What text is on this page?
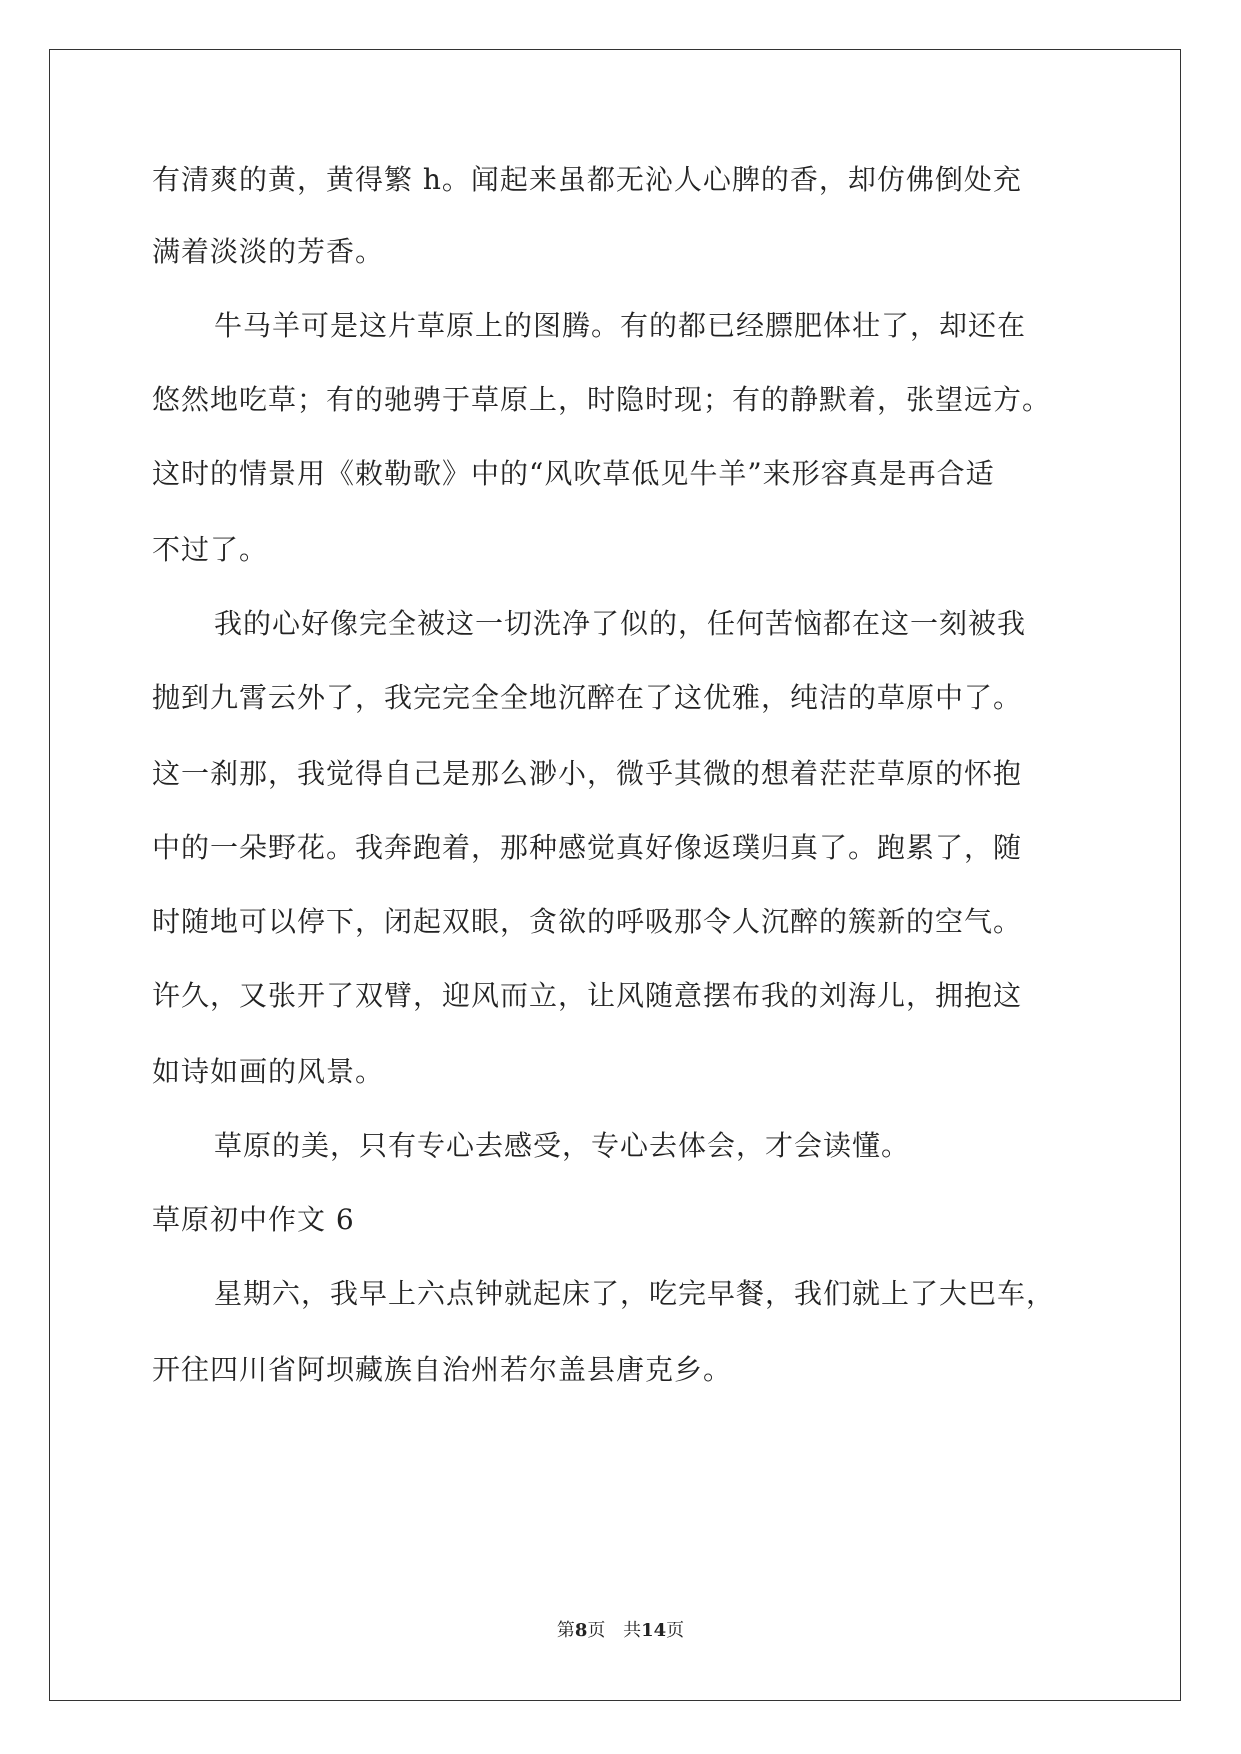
有清爽的黄，黄得繁 h。闻起来虽都无沁人心脾的香，却仿佛倒处充
满着淡淡的芳香。
牛马羊可是这片草原上的图腾。有的都已经膘肥体壮了，却还在
悠然地吃草；有的驰骋于草原上，时隐时现；有的静默着，张望远方。
这时的情景用《敕勒歌》中的“风吹草低见牛羊”来形容真是再合适
不过了。
我的心好像完全被这一切洗净了似的，任何苦恼都在这一刻被我
抛到九霄云外了，我完完全全地沉醉在了这优雅，纯洁的草原中了。
这一刹那，我觉得自己是那么渺小，微乎其微的想着茫茫草原的怀抱
中的一朵野花。我奔跑着，那种感觉真好像返璞归真了。跑累了，随
时随地可以停下，闭起双眼，贪欲的呼吸那令人沉醉的簇新的空气。
许久，又张开了双臂，迎风而立，让风随意摆布我的刘海儿，拥抱这
如诗如画的风景。
草原的美，只有专心去感受，专心去体会，才会读懂。
草原初中作文 6
星期六，我早上六点钟就起床了，吃完早餐，我们就上了大巴车，
开往四川省阿坝藏族自治州若尔盖县唐克乡。
第8页 共14页
